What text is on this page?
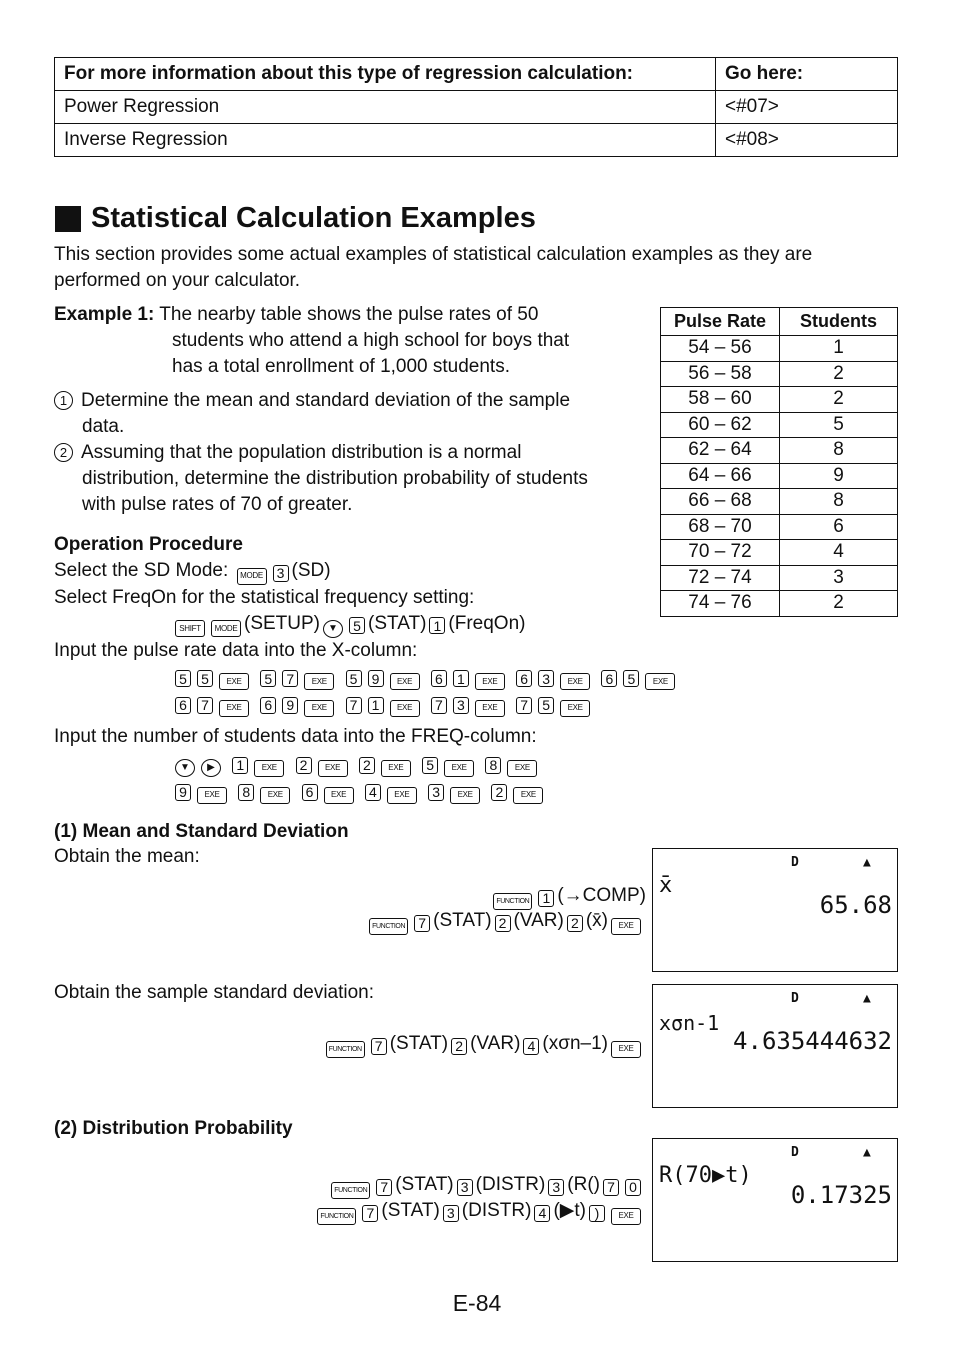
For more information about this type of regression calculation:	Go here:
Power Regression	<#07>
Inverse Regression	<#08>
Statistical Calculation Examples

This section provides some actual examples of statistical calculation examples as they are performed on your calculator.

Example 1: The nearby table shows the pulse rates of 50
students who attend a high school for boys that
has a total enrollment of 1,000 students.
1 Determine the mean and standard deviation of the sample
data.
2 Assuming that the population distribution is a normal
distribution, determine the distribution probability of students
with pulse rates of 70 of greater.
Pulse Rate	Students
54 – 56	1
56 – 58	2
58 – 60	2
60 – 62	5
62 – 64	8
64 – 66	9
66 – 68	8
68 – 70	6
70 – 72	4
72 – 74	3
74 – 76	2
Operation Procedure
Select the SD Mode: MODE 3 (SD)
Select FreqOn for the statistical frequency setting:
SHIFT MODE (SETUP) ▼ 5 (STAT) 1 (FreqOn)
Input the pulse rate data into the X-column:
5 5 EXE 5 7 EXE 5 9 EXE 6 1 EXE 6 3 EXE 6 5 EXE
6 7 EXE 6 9 EXE 7 1 EXE 7 3 EXE 7 5 EXE
Input the number of students data into the FREQ-column:
▼ ▶ 1 EXE 2 EXE 2 EXE 5 EXE 8 EXE
9 EXE 8 EXE 6 EXE 4 EXE 3 EXE 2 EXE
(1) Mean and Standard Deviation
Obtain the mean:
FUNCTION 1 (→COMP)
FUNCTION 7 (STAT) 2 (VAR) 2 (x̄) EXE
D	▲
x̄
65.68
Obtain the sample standard deviation:
FUNCTION 7 (STAT) 2 (VAR) 4 (xσn–1) EXE
D	▲
xσn-1
4.635444632
(2) Distribution Probability
FUNCTION 7 (STAT) 3 (DISTR) 3 (R() 7 0
FUNCTION 7 (STAT) 3 (DISTR) 4 (▶t) ) EXE
D	▲
R(70▶t)
0.17325
E-84
